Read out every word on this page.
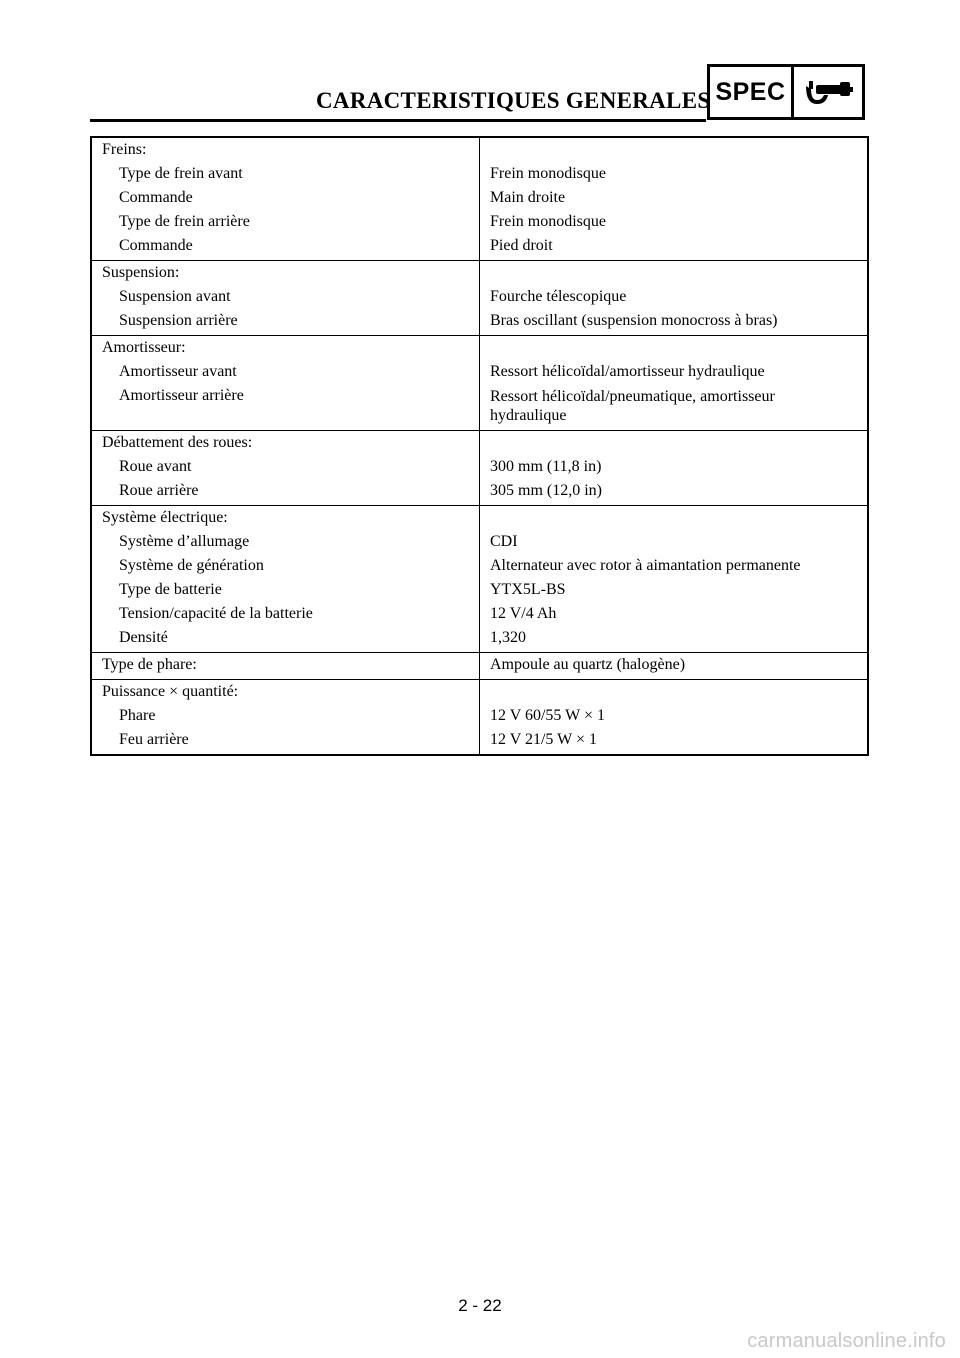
CARACTERISTIQUES GENERALES SPEC
Freins:
Type de frein avant
Commande
Type de frein arrière
Commande
Frein monodisque
Main droite
Frein monodisque
Pied droit
Suspension:
Suspension avant
Suspension arrière
Fourche télescopique
Bras oscillant (suspension monocross à bras)
Amortisseur:
Amortisseur avant
Amortisseur arrière
Ressort hélicoïdal/amortisseur hydraulique
Ressort hélicoïdal/pneumatique, amortisseur hydraulique
Débattement des roues:
Roue avant
Roue arrière
300 mm (11,8 in)
305 mm (12,0 in)
Système électrique:
Système d’allumage
Système de génération
Type de batterie
Tension/capacité de la batterie
Densité
CDI
Alternateur avec rotor à aimantation permanente
YTX5L-BS
12 V/4 Ah
1,320
Type de phare:	Ampoule au quartz (halogène)
Puissance × quantité:
Phare
Feu arrière
12 V 60/55 W × 1
12 V 21/5 W × 1
2 - 22
carmanualsonline.info
